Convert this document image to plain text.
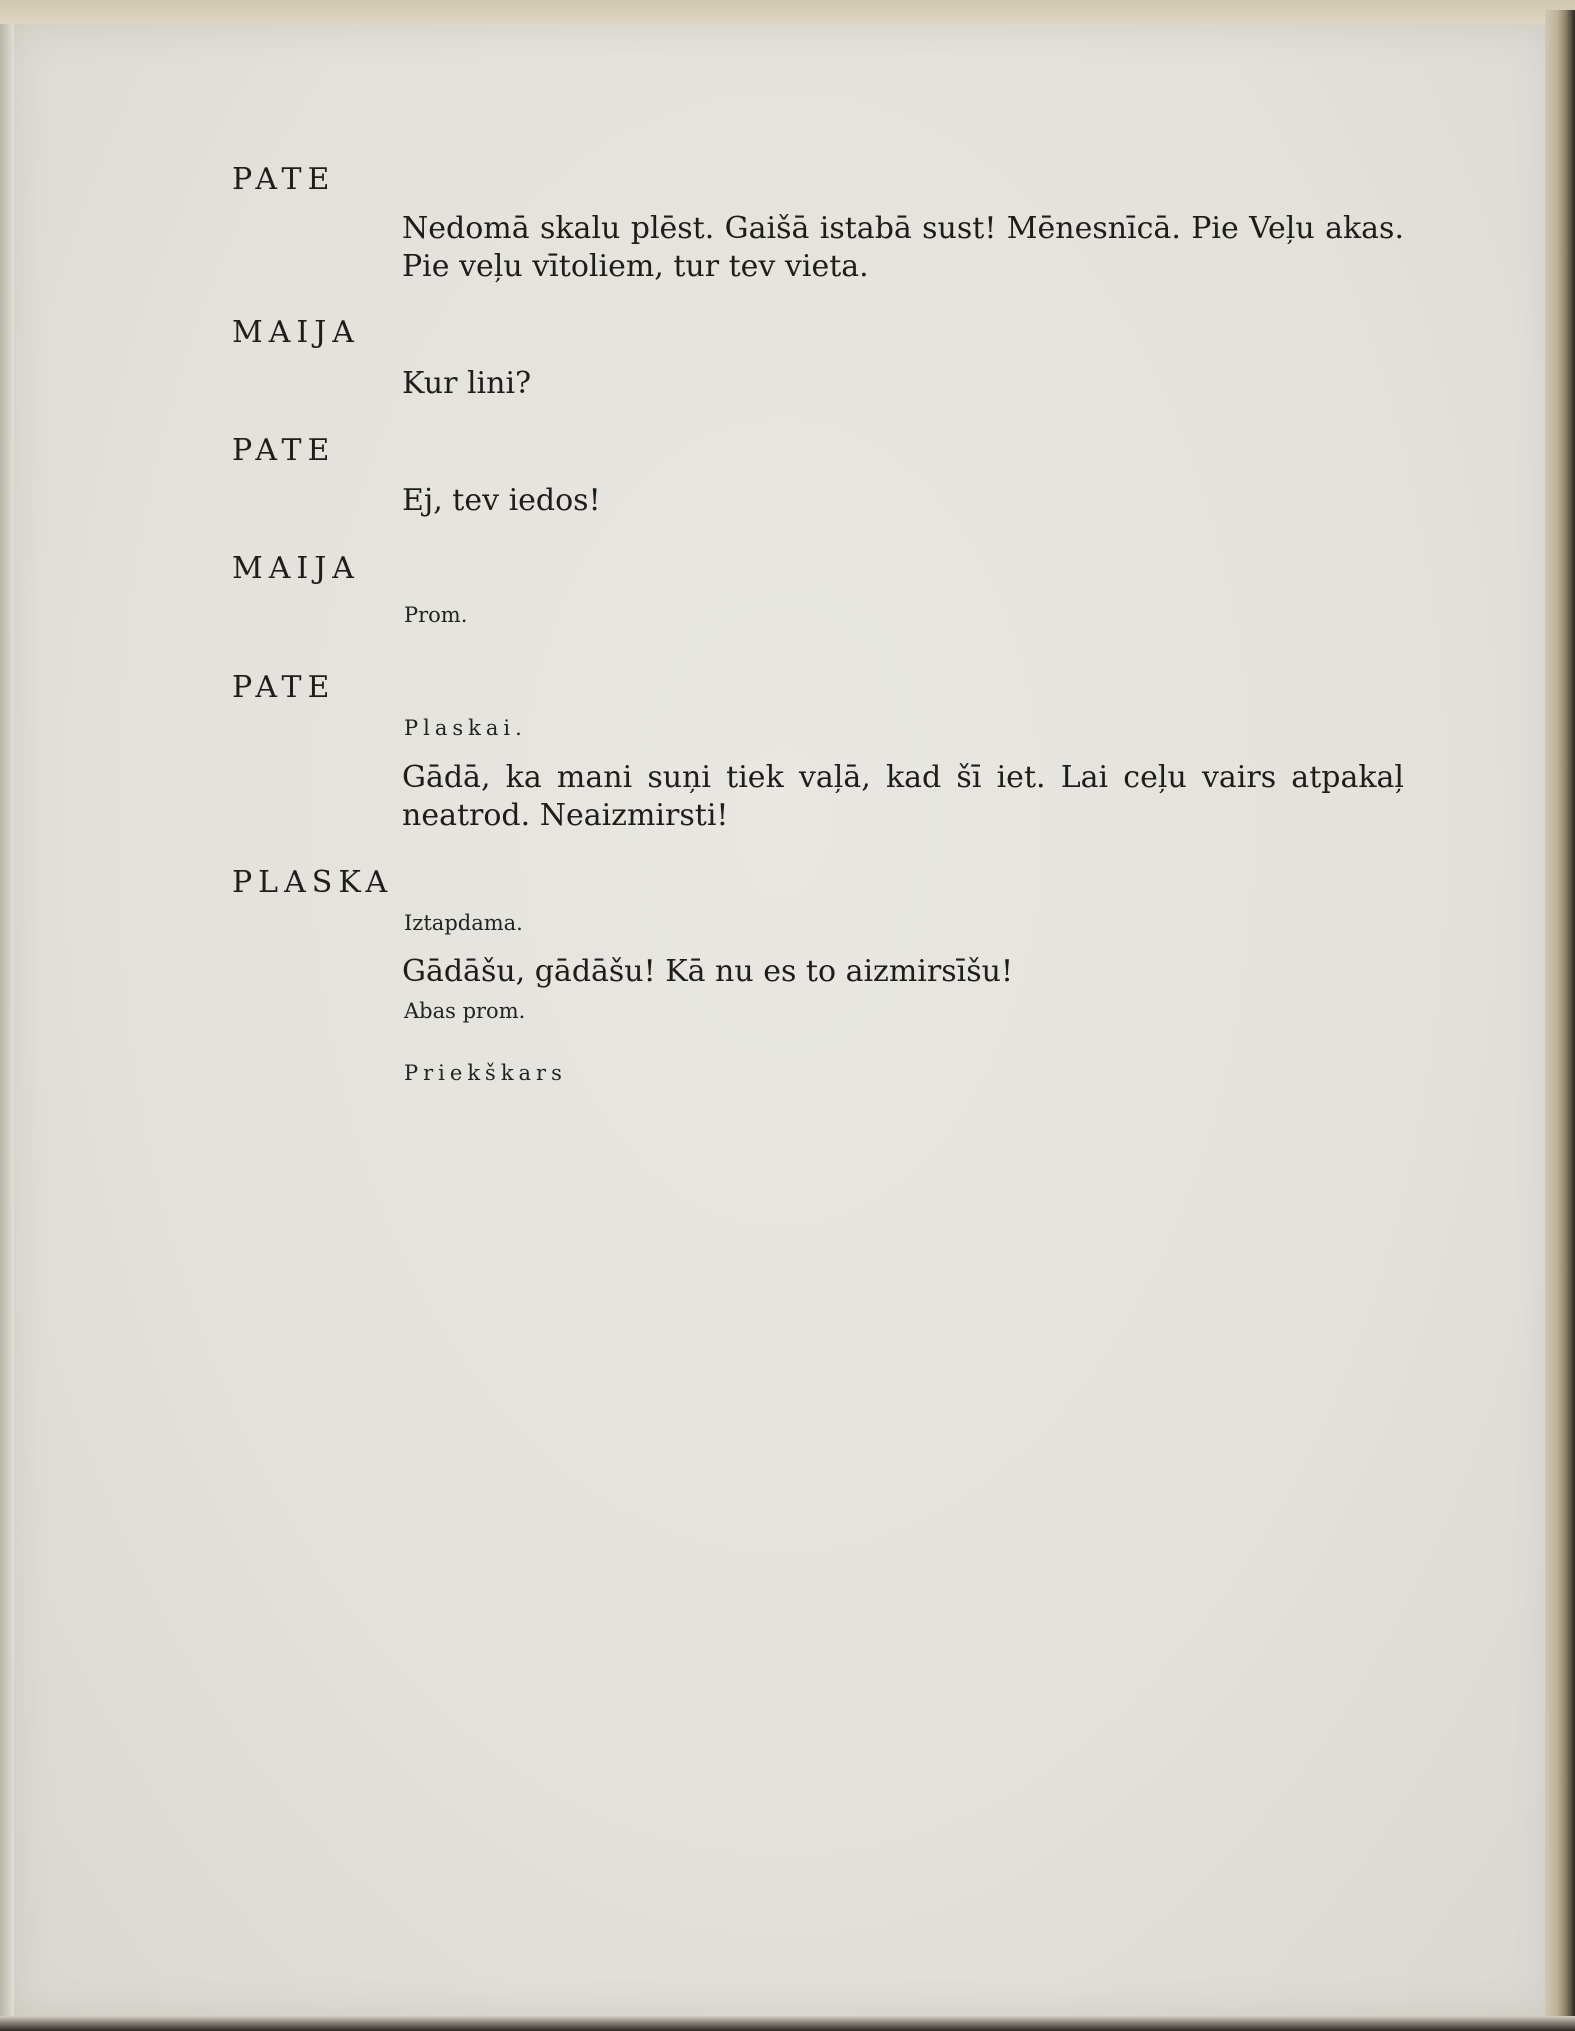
PATE
Nedomā skalu plēst. Gaišā istabā sust! Mēnesnīcā. Pie Veļu akas. Pie veļu vītoliem, tur tev vieta.
MAIJA
Kur lini?
PATE
Ej, tev iedos!
MAIJA
Prom.
PATE
Plaskai.
Gādā, ka mani suņi tiek vaļā, kad šī iet. Lai ceļu vairs atpakaļ neatrod. Neaizmirsti!
PLASKA
Iztapdama.
Gādāšu, gādāšu! Kā nu es to aizmirsīšu!
Abas prom.
Priekškars
